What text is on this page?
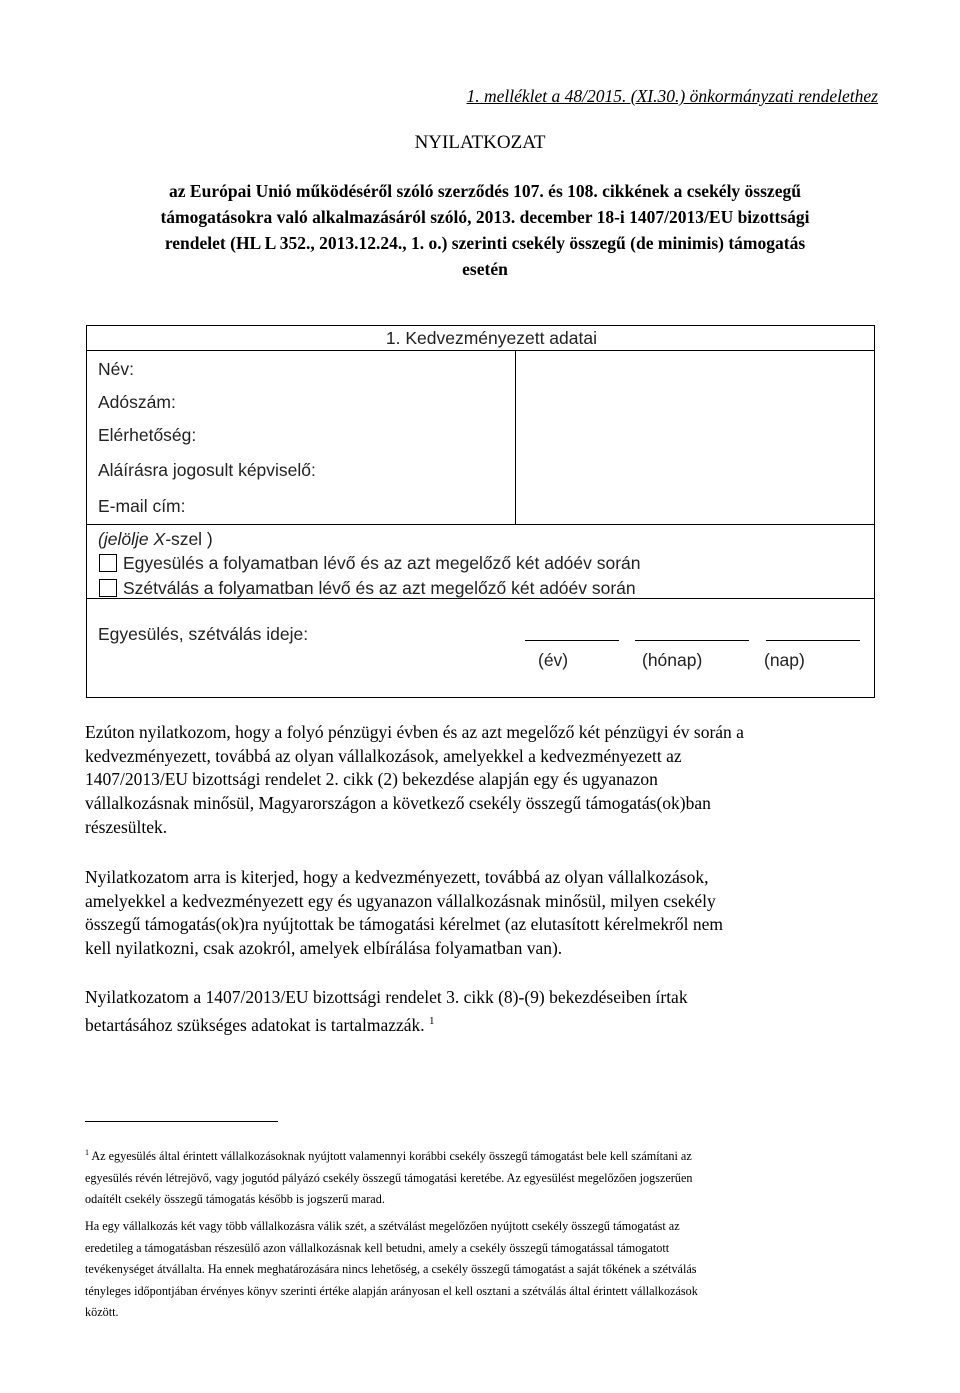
1. melléklet a 48/2015. (XI.30.) önkormányzati rendelethez
NYILATKOZAT
az Európai Unió működéséről szóló szerződés 107. és 108. cikkének a csekély összegű
támogatásokra való alkalmazásáról szóló, 2013. december 18-i 1407/2013/EU bizottsági
rendelet (HL L 352., 2013.12.24., 1. o.) szerinti csekély összegű (de minimis) támogatás
esetén
1. Kedvezményezett adatai
Név:
Adószám:
Elérhetőség:
Aláírásra jogosult képviselő:
E-mail cím:
(jelölje X-szel )
Egyesülés a folyamatban lévő és az azt megelőző két adóév során
Szétválás a folyamatban lévő és az azt megelőző két adóév során
Egyesülés, szétválás ideje:
(év)	(hónap)	(nap)
Ezúton nyilatkozom, hogy a folyó pénzügyi évben és az azt megelőző két pénzügyi év során a
kedvezményezett, továbbá az olyan vállalkozások, amelyekkel a kedvezményezett az
1407/2013/EU bizottsági rendelet 2. cikk (2) bekezdése alapján egy és ugyanazon
vállalkozásnak minősül, Magyarországon a következő csekély összegű támogatás(ok)ban
részesültek.
Nyilatkozatom arra is kiterjed, hogy a kedvezményezett, továbbá az olyan vállalkozások,
amelyekkel a kedvezményezett egy és ugyanazon vállalkozásnak minősül, milyen csekély
összegű támogatás(ok)ra nyújtottak be támogatási kérelmet (az elutasított kérelmekről nem
kell nyilatkozni, csak azokról, amelyek elbírálása folyamatban van).
Nyilatkozatom a 1407/2013/EU bizottsági rendelet 3. cikk (8)-(9) bekezdéseiben írtak
betartásához szükséges adatokat is tartalmazzák. $^1$
$^1$ Az egyesülés által érintett vállalkozásoknak nyújtott valamennyi korábbi csekély összegű támogatást bele kell számítani az
egyesülés révén létrejövő, vagy jogutód pályázó csekély összegű támogatási keretébe. Az egyesülést megelőzően jogszerűen
odaítélt csekély összegű támogatás később is jogszerű marad.
Ha egy vállalkozás két vagy több vállalkozásra válik szét, a szétválást megelőzően nyújtott csekély összegű támogatást az
eredetileg a támogatásban részesülő azon vállalkozásnak kell betudni, amely a csekély összegű támogatással támogatott
tevékenységet átvállalta. Ha ennek meghatározására nincs lehetőség, a csekély összegű támogatást a saját tőkének a szétválás
tényleges időpontjában érvényes könyv szerinti értéke alapján arányosan el kell osztani a szétválás által érintett vállalkozások
között.
